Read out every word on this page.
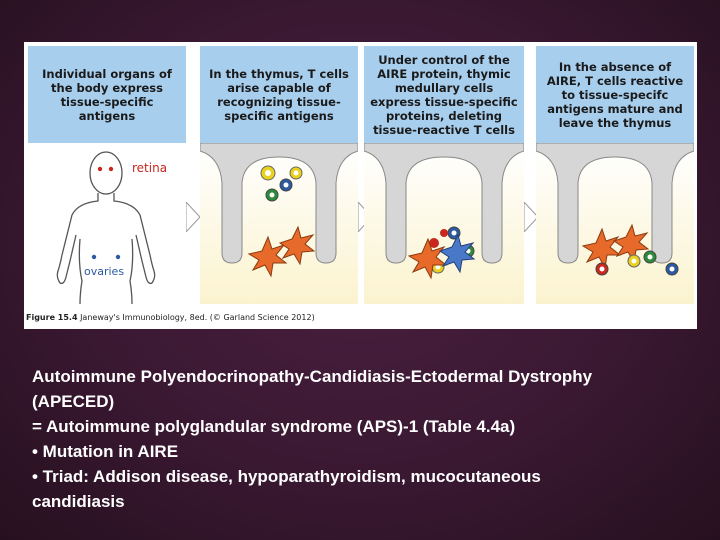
Individual organs of the body express tissue-specific antigens
retina
ovaries
In the thymus, T cells arise capable of recognizing tissue-specific antigens
Under control of the AIRE protein, thymic medullary cells express tissue-specific proteins, deleting tissue-reactive T cells
In the absence of AIRE, T cells reactive to tissue-specifc antigens mature and leave the thymus
Figure 15.4 Janeway's Immunobiology, 8ed. (© Garland Science 2012)
Autoimmune Polyendocrinopathy-Candidiasis-Ectodermal Dystrophy
(APECED)
= Autoimmune polyglandular syndrome (APS)-1 (Table 4.4a)
• Mutation in AIRE
• Triad: Addison disease, hypoparathyroidism, mucocutaneous
candidiasis
